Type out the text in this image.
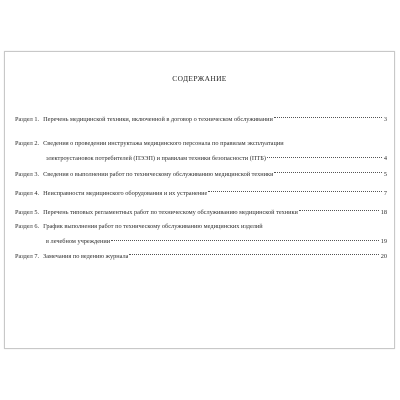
СОДЕРЖАНИЕ
Раздел 1. Перечень медицинской техники, включенной в договор о техническом обслуживании	3
Раздел 2. Сведения о проведении инструктажа медицинского персонала по правилам эксплуатации
электроустановок потребителей (ПЭЭП) и правилам техники безопасности (ПТБ)	4
Раздел 3. Сведения о выполнении работ по техническому обслуживанию медицинской техники	5
Раздел 4. Неисправности медицинского оборудования и их устранение	7
Раздел 5. Перечень типовых регламентных работ по техническому обслуживанию медицинской техники	18
Раздел 6. График выполнения работ по техническому обслуживанию медицинских изделий
в лечебном учреждении	19
Раздел 7. Замечания по ведению журнала	20
